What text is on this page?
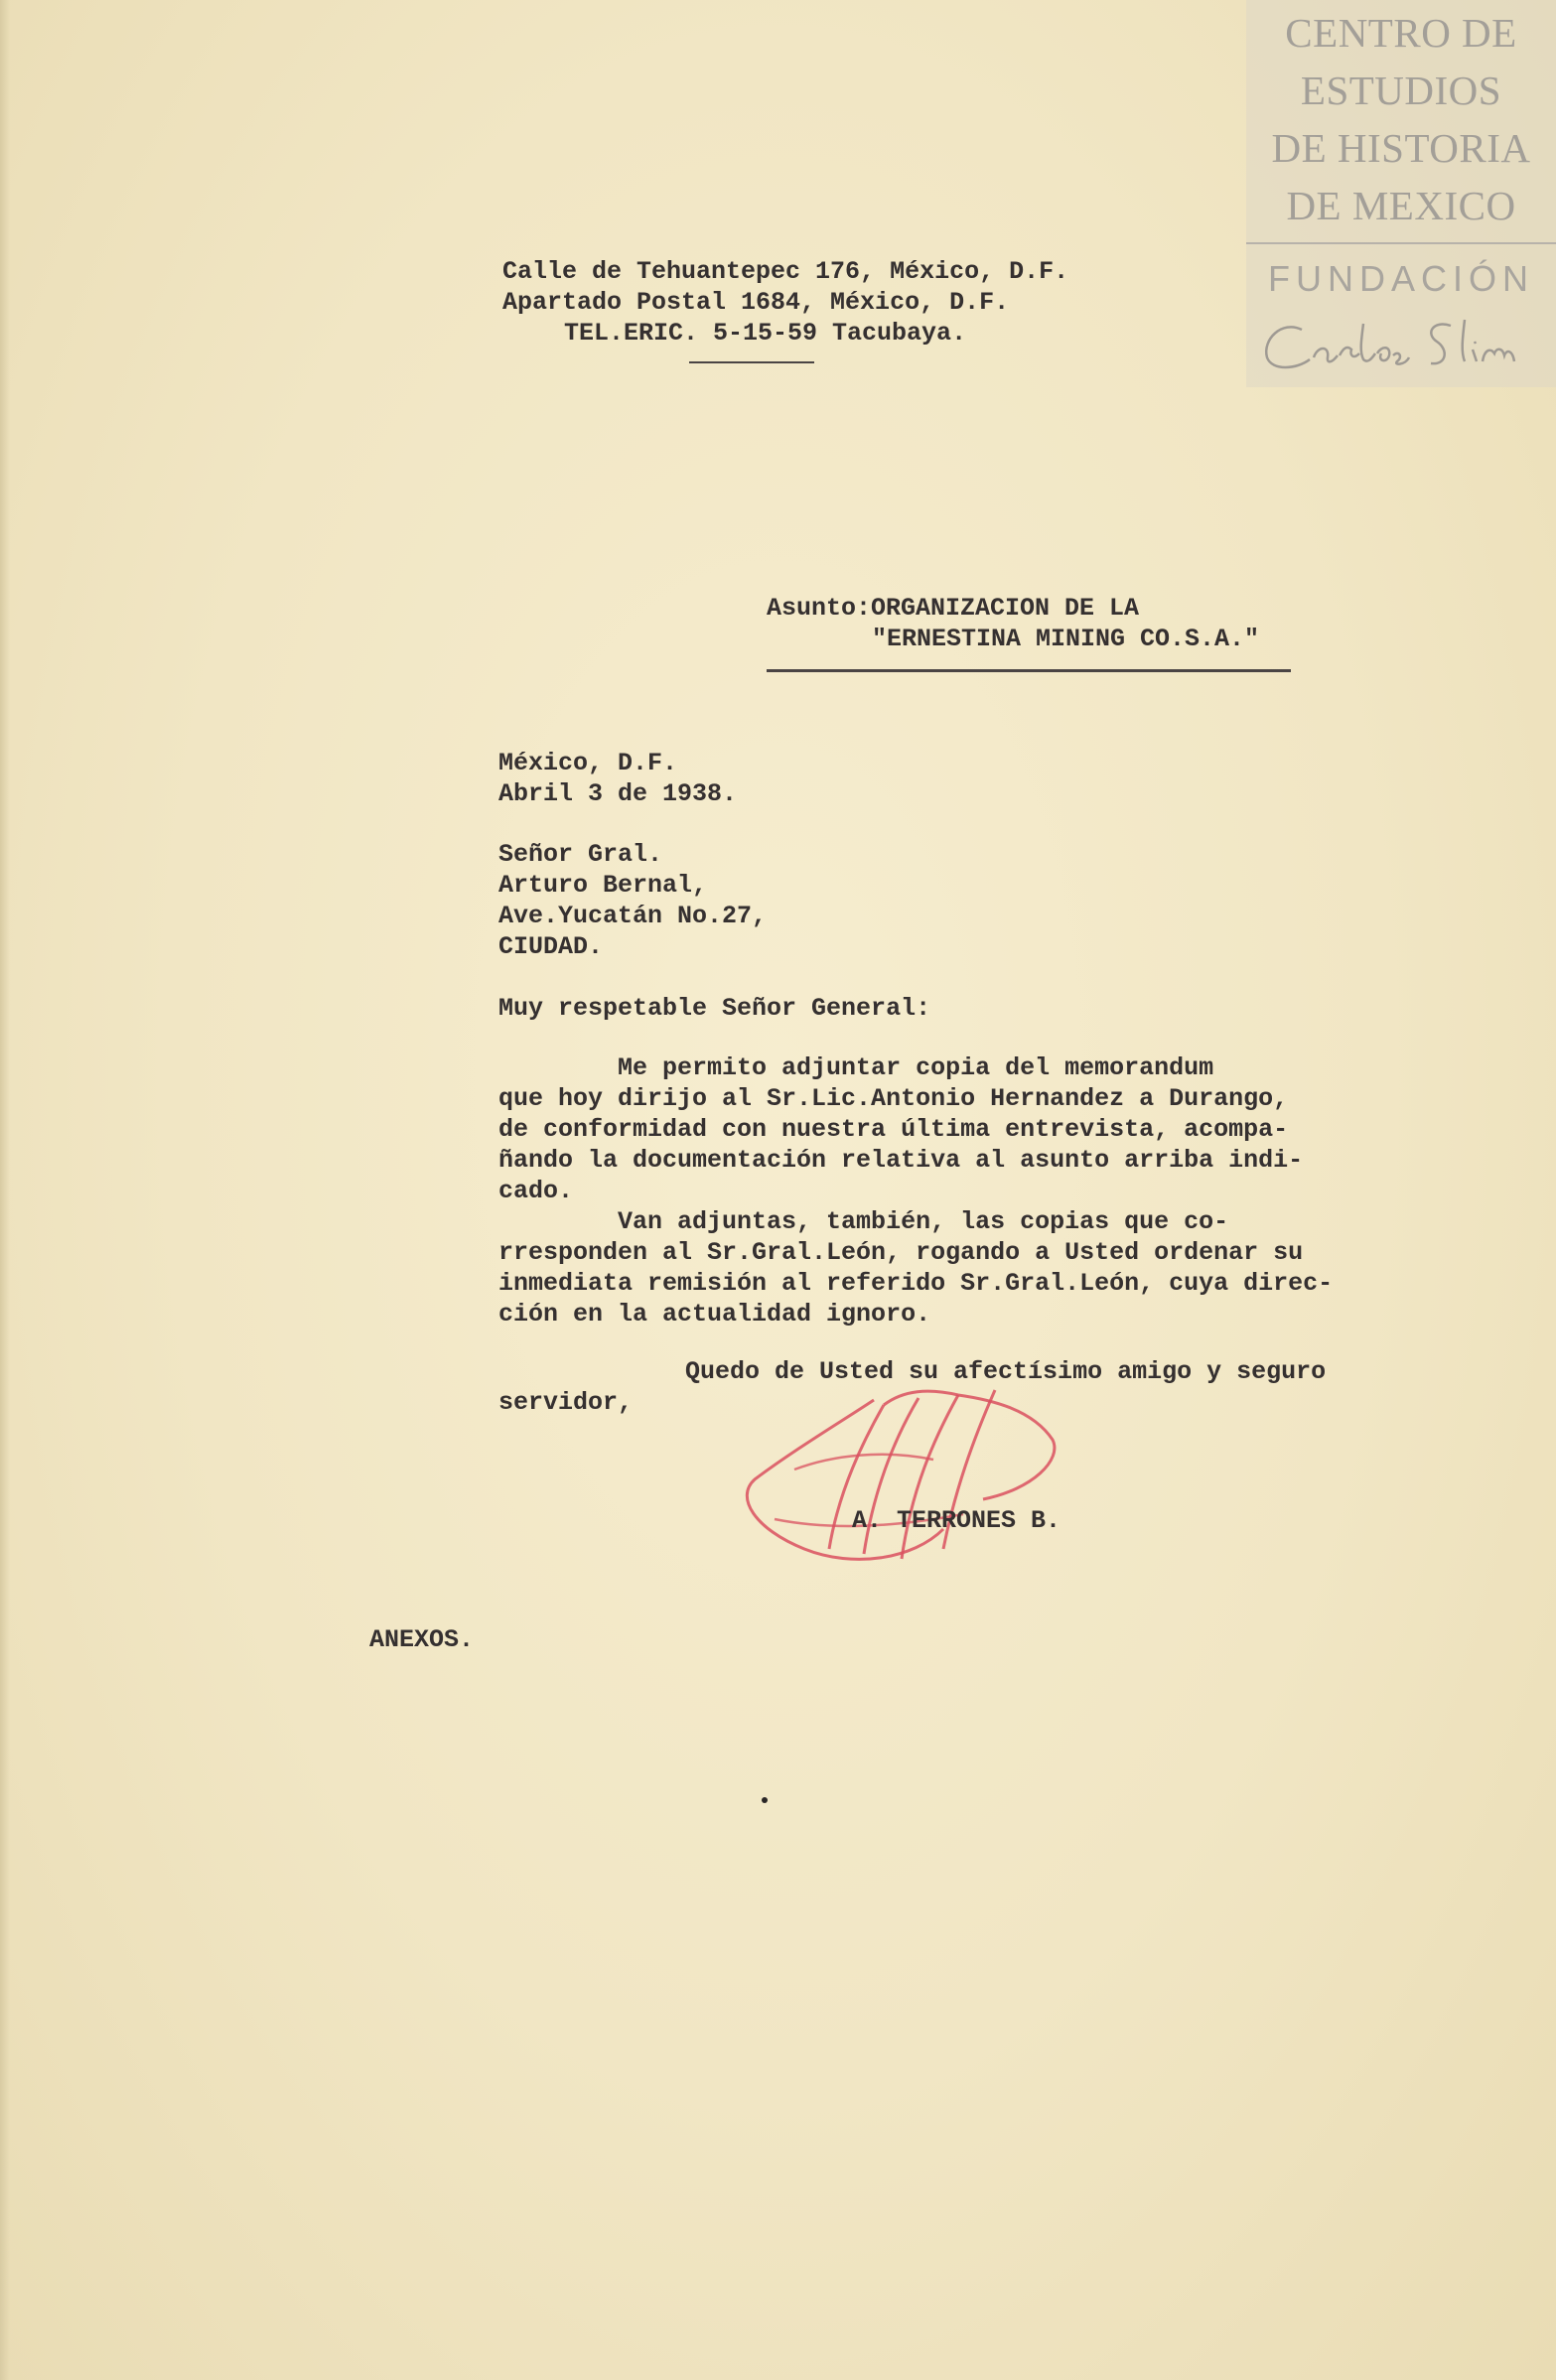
CENTRO DE
ESTUDIOS
DE HISTORIA
DE MEXICO
FUNDACIÓN
Calle de Tehuantepec 176, México, D.F.
Apartado Postal 1684, México, D.F.
TEL.ERIC. 5-15-59 Tacubaya.
Asunto:ORGANIZACION DE LA
"ERNESTINA MINING CO.S.A."
México, D.F.
Abril 3 de 1938.
Señor Gral.
Arturo Bernal,
Ave.Yucatán No.27,
CIUDAD.
Muy respetable Señor General:
Me permito adjuntar copia del memorandum
que hoy dirijo al Sr.Lic.Antonio Hernandez a Durango,
de conformidad con nuestra última entrevista, acompa-
ñando la documentación relativa al asunto arriba indi-
cado.
Van adjuntas, también, las copias que co-
rresponden al Sr.Gral.León, rogando a Usted ordenar su
inmediata remisión al referido Sr.Gral.León, cuya direc-
ción en la actualidad ignoro.
Quedo de Usted su afectísimo amigo y seguro
servidor,
A. TERRONES B.
ANEXOS.
